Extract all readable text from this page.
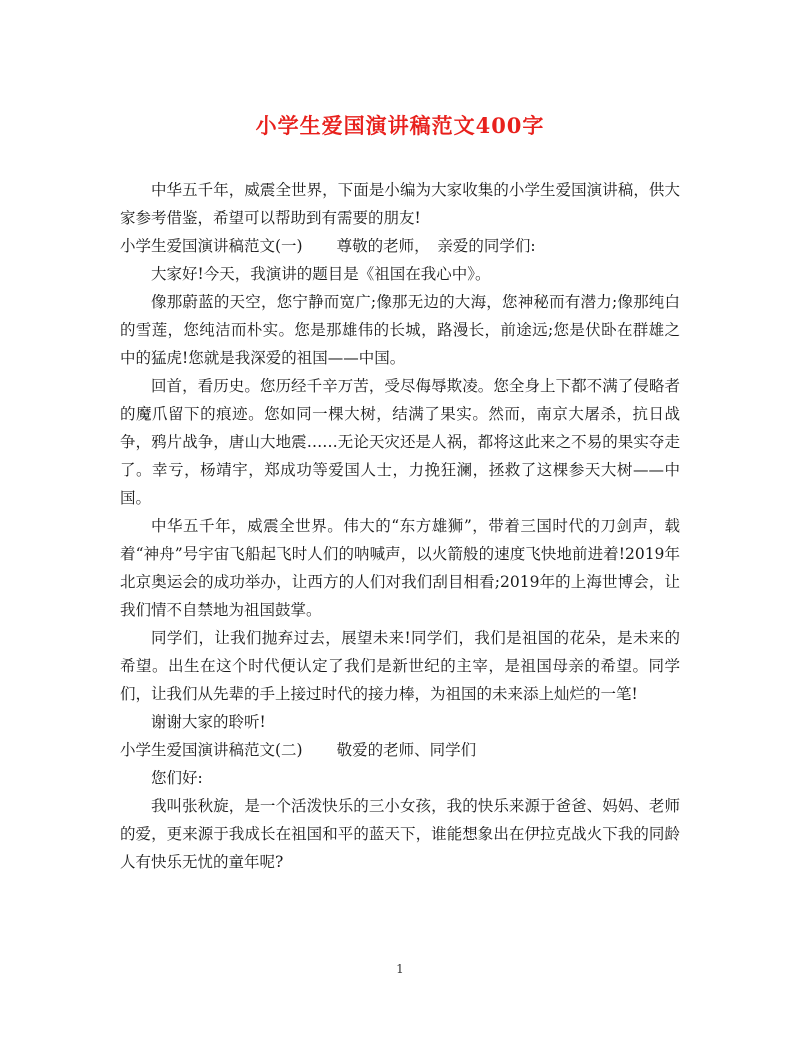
小学生爱国演讲稿范文400字

中华五千年，威震全世界，下面是小编为大家收集的小学生爱国演讲稿，供大家参考借鉴，希望可以帮助到有需要的朋友!

小学生爱国演讲稿范文(一) 尊敬的老师，　亲爱的同学们:

大家好!今天，我演讲的题目是《祖国在我心中》。

像那蔚蓝的天空，您宁静而宽广;像那无边的大海，您神秘而有潜力;像那纯白的雪莲，您纯洁而朴实。您是那雄伟的长城，路漫长，前途远;您是伏卧在群雄之中的猛虎!您就是我深爱的祖国——中国。

回首，看历史。您历经千辛万苦，受尽侮辱欺凌。您全身上下都不满了侵略者的魔爪留下的痕迹。您如同一棵大树，结满了果实。然而，南京大屠杀，抗日战争，鸦片战争，唐山大地震……无论天灾还是人祸，都将这此来之不易的果实夺走了。幸亏，杨靖宇，郑成功等爱国人士，力挽狂澜，拯救了这棵参天大树——中国。

中华五千年，威震全世界。伟大的“东方雄狮”，带着三国时代的刀剑声，载着“神舟”号宇宙飞船起飞时人们的呐喊声，以火箭般的速度飞快地前进着!2019年北京奥运会的成功举办，让西方的人们对我们刮目相看;2019年的上海世博会，让我们情不自禁地为祖国鼓掌。

同学们，让我们抛弃过去，展望未来!同学们，我们是祖国的花朵，是未来的希望。出生在这个时代便认定了我们是新世纪的主宰，是祖国母亲的希望。同学们，让我们从先辈的手上接过时代的接力棒，为祖国的未来添上灿烂的一笔!

谢谢大家的聆听!

小学生爱国演讲稿范文(二) 敬爱的老师、同学们

您们好:

我叫张秋旋，是一个活泼快乐的三小女孩，我的快乐来源于爸爸、妈妈、老师的爱，更来源于我成长在祖国和平的蓝天下，谁能想象出在伊拉克战火下我的同龄人有快乐无忧的童年呢?

1
